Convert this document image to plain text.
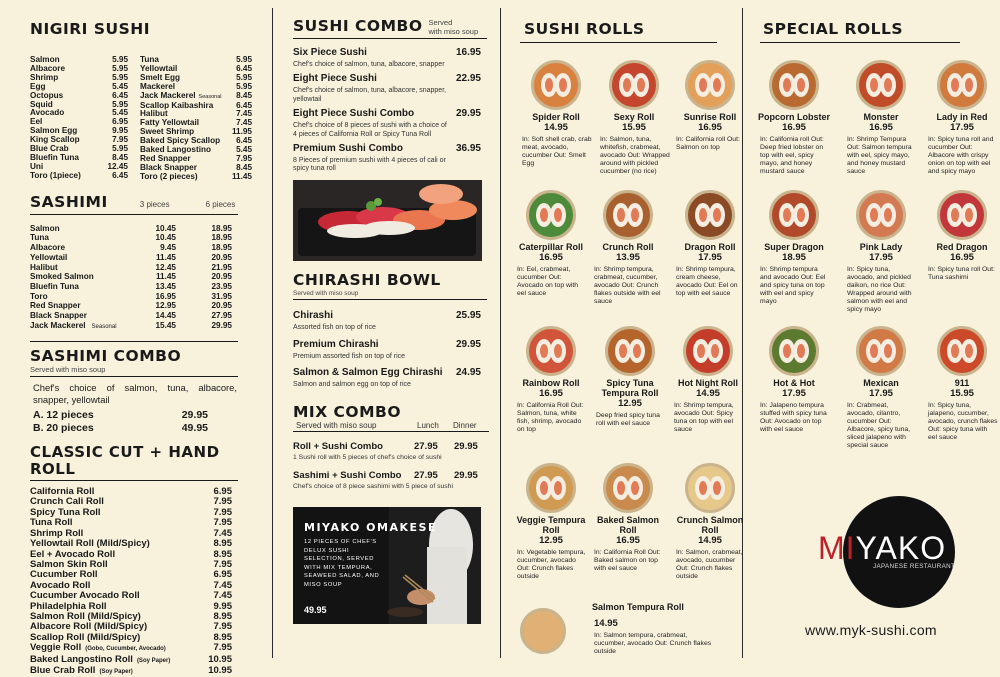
NIGIRI SUSHI
Salmon	5.95
Albacore	5.95
Shrimp	5.95
Egg	5.45
Octopus	6.45
Squid	5.95
Avocado	5.45
Eel	6.95
Salmon Egg	9.95
King Scallop	7.95
Blue Crab	5.95
Bluefin Tuna	8.45
Uni	12.45
Toro (1piece)	6.45
Tuna	5.95
Yellowtail	6.45
Smelt Egg	5.95
Mackerel	5.95
Jack Mackerel Seasonal	8.45
Scallop Kaibashira	6.45
Halibut	7.45
Fatty Yellowtail	7.45
Sweet Shrimp	11.95
Baked Spicy Scallop	6.45
Baked Langostino	5.45
Red Snapper	7.95
Black Snapper	8.45
Toro (2 pieces)	11.45
SASHIMI	3 pieces	6 pieces
Salmon	10.45	18.95
Tuna	10.45	18.95
Albacore	9.45	18.95
Yellowtail	11.45	20.95
Halibut	12.45	21.95
Smoked Salmon	11.45	20.95
Bluefin Tuna	13.45	23.95
Toro	16.95	31.95
Red Snapper	12.95	20.95
Black Snapper	14.45	27.95
Jack Mackerel Seasonal	15.45	29.95
SASHIMI COMBO
Served with miso soup
Chef's choice of salmon, tuna, albacore, snapper, yellowtail
A. 12 pieces	29.95
B. 20 pieces	49.95
CLASSIC CUT + HAND ROLL
California Roll	6.95
Crunch Cali Roll	7.95
Spicy Tuna Roll	7.95
Tuna Roll	7.95
Shrimp Roll	7.45
Yellowtail Roll (Mild/Spicy)	8.95
Eel + Avocado Roll	8.95
Salmon Skin Roll	7.95
Cucumber Roll	6.95
Avocado Roll	7.45
Cucumber Avocado Roll	7.45
Philadelphia Roll	9.95
Salmon Roll (Mild/Spicy)	8.95
Albacore Roll (Mild/Spicy)	7.95
Scallop Roll (Mild/Spicy)	8.95
Veggie Roll (Gobo, Cucumber, Avocado)	7.95
Baked Langostino Roll (Soy Paper)	10.95
Blue Crab Roll (Soy Paper)	10.95
SUSHI COMBO Served
with miso soup
Six Piece Sushi	16.95
Chef's choice of salmon, tuna, albacore, snapper
Eight Piece Sushi	22.95
Chef's choice of salmon, tuna, albacore, snapper, yellowtail
Eight Piece Sushi Combo	29.95
Chef's choice of 8 pieces of sushi with a choice of 4 pieces of California Roll or Spicy Tuna Roll
Premium Sushi Combo	36.95
8 Pieces of premium sushi with 4 pieces of cali or spicy tuna roll
CHIRASHI BOWL
Served with miso soup
Chirashi	25.95
Assorted fish on top of rice
Premium Chirashi	29.95
Premium assorted fish on top of rice
Salmon & Salmon Egg Chirashi 24.95
Salmon and salmon egg on top of rice
MIX COMBO
Served with miso soup	Lunch	Dinner
Roll + Sushi Combo	27.95	29.95
1 Sushi roll with 5 pieces of chef's choice of sushi
Sashimi + Sushi Combo	27.95	29.95
Chef's choice of 8 piece sashimi with 5 piece of sushi
MIYAKO OMAKESE
12 PIECES OF CHEF'S DELUX SUSHI SELECTION, SERVED WITH MIX TEMPURA, SEAWEED SALAD, AND MISO SOUP
49.95
SUSHI ROLLS	SPECIAL ROLLS
Spider Roll
14.95
In: Soft shell crab, crab meat, avocado, cucumber Out: Smelt Egg
Sexy Roll
15.95
In: Salmon, tuna, whitefish, crabmeat, avocado Out: Wrapped around with pickled cucumber (no rice)
Sunrise Roll
16.95
In: California roll Out: Salmon on top
Caterpillar Roll
16.95
In: Eel, crabmeat, cucumber Out: Avocado on top with eel sauce
Crunch Roll
13.95
In: Shrimp tempura, crabmeat, cucumber, avocado Out: Crunch flakes outside with eel sauce
Dragon Roll
17.95
In: Shrimp tempura, cream cheese, avocado Out: Eel on top with eel sauce
Rainbow Roll
16.95
In: California Roll Out: Salmon, tuna, white fish, shrimp, avocado on top
Spicy Tuna Tempura Roll
12.95
Deep fried spicy tuna roll with eel sauce
Hot Night Roll
14.95
In: Shrimp tempura, avocado Out: Spicy tuna on top with eel sauce
Veggie Tempura Roll
12.95
In: Vegetable tempura, cucumber, avocado Out: Crunch flakes outside
Baked Salmon Roll
16.95
In: California Roll Out: Baked salmon on top with eel sauce
Crunch Salmon Roll
14.95
In: Salmon, crabmeat, avocado, cucumber Out: Crunch flakes outside
Popcorn Lobster
16.95
In: California roll Out: Deep fried lobster on top with eel, spicy mayo, and honey mustard sauce
Monster
16.95
In: Shrimp Tempura Out: Salmon tempura with eel, spicy mayo, and honey mustard sauce
Lady in Red
17.95
In: Spicy tuna roll and cucumber Out: Albacore with crispy onion on top with eel and spicy mayo
Super Dragon
18.95
In: Shrimp tempura and avocado Out: Eel and spicy tuna on top with eel and spicy mayo
Pink Lady
17.95
In: Spicy tuna, avocado, and pickled daikon, no rice Out: Wrapped around with salmon with eel and spicy mayo
Red Dragon
16.95
In: Spicy tuna roll Out: Tuna sashimi
Hot & Hot
17.95
In: Jalapeno tempura stuffed with spicy tuna Out: Avocado on top with eel sauce
Mexican
17.95
In: Crabmeat, avocado, cilantro, cucumber Out: Albacore, spicy tuna, sliced jalapeno with special sauce
911
15.95
In: Spicy tuna, jalapeno, cucumber, avocado, crunch flakes Out: spicy tuna with eel sauce
Salmon Tempura Roll
14.95
In: Salmon tempura, crabmeat, cucumber, avocado Out: Crunch flakes outside
MIYAKO
JAPANESE RESTAURANT
www.myk-sushi.com
